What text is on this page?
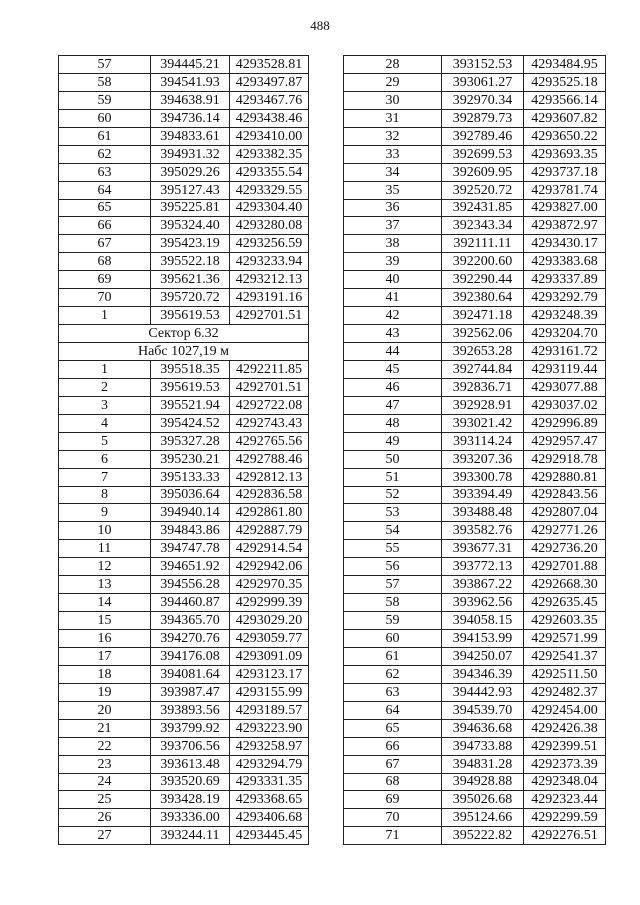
488
57	394445.21	4293528.81
58	394541.93	4293497.87
59	394638.91	4293467.76
60	394736.14	4293438.46
61	394833.61	4293410.00
62	394931.32	4293382.35
63	395029.26	4293355.54
64	395127.43	4293329.55
65	395225.81	4293304.40
66	395324.40	4293280.08
67	395423.19	4293256.59
68	395522.18	4293233.94
69	395621.36	4293212.13
70	395720.72	4293191.16
1	395619.53	4292701.51
Сектор 6.32		
Набс 1027,19 м		
1	395518.35	4292211.85
2	395619.53	4292701.51
3	395521.94	4292722.08
4	395424.52	4292743.43
5	395327.28	4292765.56
6	395230.21	4292788.46
7	395133.33	4292812.13
8	395036.64	4292836.58
9	394940.14	4292861.80
10	394843.86	4292887.79
11	394747.78	4292914.54
12	394651.92	4292942.06
13	394556.28	4292970.35
14	394460.87	4292999.39
15	394365.70	4293029.20
16	394270.76	4293059.77
17	394176.08	4293091.09
18	394081.64	4293123.17
19	393987.47	4293155.99
20	393893.56	4293189.57
21	393799.92	4293223.90
22	393706.56	4293258.97
23	393613.48	4293294.79
24	393520.69	4293331.35
25	393428.19	4293368.65
26	393336.00	4293406.68
27	393244.11	4293445.45
28	393152.53	4293484.95
29	393061.27	4293525.18
30	392970.34	4293566.14
31	392879.73	4293607.82
32	392789.46	4293650.22
33	392699.53	4293693.35
34	392609.95	4293737.18
35	392520.72	4293781.74
36	392431.85	4293827.00
37	392343.34	4293872.97
38	392111.11	4293430.17
39	392200.60	4293383.68
40	392290.44	4293337.89
41	392380.64	4293292.79
42	392471.18	4293248.39
43	392562.06	4293204.70
44	392653.28	4293161.72
45	392744.84	4293119.44
46	392836.71	4293077.88
47	392928.91	4293037.02
48	393021.42	4292996.89
49	393114.24	4292957.47
50	393207.36	4292918.78
51	393300.78	4292880.81
52	393394.49	4292843.56
53	393488.48	4292807.04
54	393582.76	4292771.26
55	393677.31	4292736.20
56	393772.13	4292701.88
57	393867.22	4292668.30
58	393962.56	4292635.45
59	394058.15	4292603.35
60	394153.99	4292571.99
61	394250.07	4292541.37
62	394346.39	4292511.50
63	394442.93	4292482.37
64	394539.70	4292454.00
65	394636.68	4292426.38
66	394733.88	4292399.51
67	394831.28	4292373.39
68	394928.88	4292348.04
69	395026.68	4292323.44
70	395124.66	4292299.59
71	395222.82	4292276.51
